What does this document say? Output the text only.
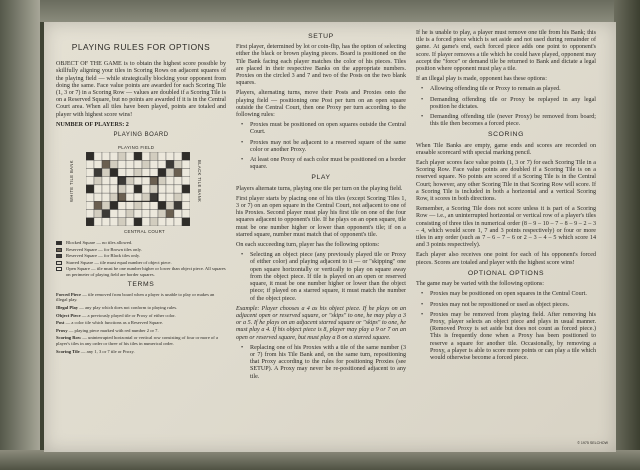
PLAYING RULES FOR OPTIONS
OBJECT OF THE GAME is to obtain the highest score possible by skillfully aligning your tiles in Scoring Rows on adjacent squares of the playing field — while strategically blocking your opponent from doing the same. Face value points are awarded for each Scoring Tile (1, 3 or 7) in a Scoring Row — values are doubled if a Scoring Tile is on a Reserved Square, but no points are awarded if it is in the Central Court area. When all tiles have been played, points are totaled and player with highest score wins!
NUMBER OF PLAYERS: 2
PLAYING BOARD
PLAYING FIELD
WHITE TILE BANK	BLACK TILE BANK
CENTRAL COURT
Blocked Square — no tiles allowed.
Reserved Square — for Brown tiles only.
Reserved Square — for Black tiles only.
Starred Square — tile must equal number of object piece.
Open Square — tile must be one number higher or lower than object piece. All squares on perimeter of playing field are border squares.
TERMS
Forced Piece — tile removed from board when a player is unable to play or makes an illegal play.
Illegal Play — any play which does not conform to playing rules.
Object Piece — a previously played tile or Proxy of either color.
Post — a color tile which functions as a Reserved Square.
Proxy — playing piece marked with red number 2 or 7.
Scoring Row — uninterrupted horizontal or vertical row consisting of four or more of a player's tiles in any order or three of his tiles in numerical order.
Scoring Tile — any 1, 3 or 7 tile or Proxy.
SETUP
First player, determined by lot or coin-flip, has the option of selecting either the black or brown playing pieces. Board is positioned on the Tile Bank facing each player matches the color of his pieces. Tiles are placed in their respective Banks on the appropriate numbers. Proxies on the circled 3 and 7 and two of the Posts on the two blank squares.
Players, alternating turns, move their Posts and Proxies onto the playing field — positioning one Post per turn on an open square outside the Central Court, then one Proxy per turn according to the following rules:
• Proxies must be positioned on open squares outside the Central Court.
• Proxies may not be adjacent to a reserved square of the same color or another Proxy.
• At least one Proxy of each color must be positioned on a border square.
PLAY
Players alternate turns, playing one tile per turn on the playing field.
First player starts by placing one of his tiles (except Scoring Tiles 1, 3 or 7) on an open square in the Central Court, not adjacent to one of his Proxies. Second player must play his first tile on one of the four squares adjacent to opponent's tile. If he plays on an open square, tile must be one number higher or lower than opponent's tile; if on a starred square, number must match that of opponent's tile.
On each succeeding turn, player has the following options:
• Selecting an object piece (any previously played tile or Proxy of either color) and playing adjacent to it — or "skipping" one open square horizontally or vertically to play on square away from the object piece. If tile is played on an open or reserved square, it must be one number higher or lower than the object piece; if played on a starred square, it must match the number of the object piece.
Example: Player chooses a 4 as his object piece. If he plays on an adjacent open or reserved square, or "skips" to one, he may play a 3 or a 5. If he plays on an adjacent starred square or "skips" to one, he must play a 4. If his object piece is 8, player may play a 9 or 7 on an open or reserved square, but must play a 8 on a starred square.
• Replacing one of his Proxies with a tile of the same number (3 or 7) from his Tile Bank and, on the same turn, repositioning that Proxy according to the rules for positioning Proxies (see SETUP). A Proxy may never be re-positioned adjacent to any tile.
If he is unable to play, a player must remove one tile from his Bank; this tile is a forced piece which is set aside and not used during remainder of game. At game's end, each forced piece adds one point to opponent's score. If player removes a tile which he could have played, opponent may accept the "force" or demand tile be returned to Bank and dictate a legal position where opponent must play a tile.
If an illegal play is made, opponent has these options:
• Allowing offending tile or Proxy to remain as played.
• Demanding offending tile or Proxy be replayed in any legal position he dictates.
• Demanding offending tile (never Proxy) be removed from board; this tile then becomes a forced piece.
SCORING
When Tile Banks are empty, game ends and scores are recorded on erasable scorecard with special marking pencil.
Each player scores face value points (1, 3 or 7) for each Scoring Tile in a Scoring Row. Face value points are doubled if a Scoring Tile is on a reserved square. No points are scored if a Scoring Tile is in the Central Court; however, any other Scoring Tile in that Scoring Row will score. If a Scoring Tile is included in both a horizontal and a vertical Scoring Row, it scores in both directions.
Remember, a Scoring Tile does not score unless it is part of a Scoring Row — i.e., an uninterrupted horizontal or vertical row of a player's tiles consisting of three tiles in numerical order (8 – 9 – 10 – 7 – 8 – 9 – 2 – 3 – 4, which would score 1, 7 and 3 points respectively) or four or more tiles in any order (such as 7 – 6 – 7 – 6 or 2 – 3 – 4 – 5 which score 14 and 3 points respectively).
Each player also receives one point for each of his opponent's forced pieces. Scores are totaled and player with the highest score wins!
OPTIONAL OPTIONS
The game may be varied with the following options:
• Proxies may be positioned on open squares in the Central Court.
• Proxies may not be repositioned or used as object pieces.
• Proxies may be removed from playing field. After removing his Proxy, player selects an object piece and plays in usual manner. (Removed Proxy is set aside but does not count as forced piece.) This is frequently done when a Proxy has been positioned to reserve a square for another tile. Occasionally, by removing a Proxy, a player is able to score more points or can play a tile which would otherwise become a forced piece.
© 1975 SELCHOW
